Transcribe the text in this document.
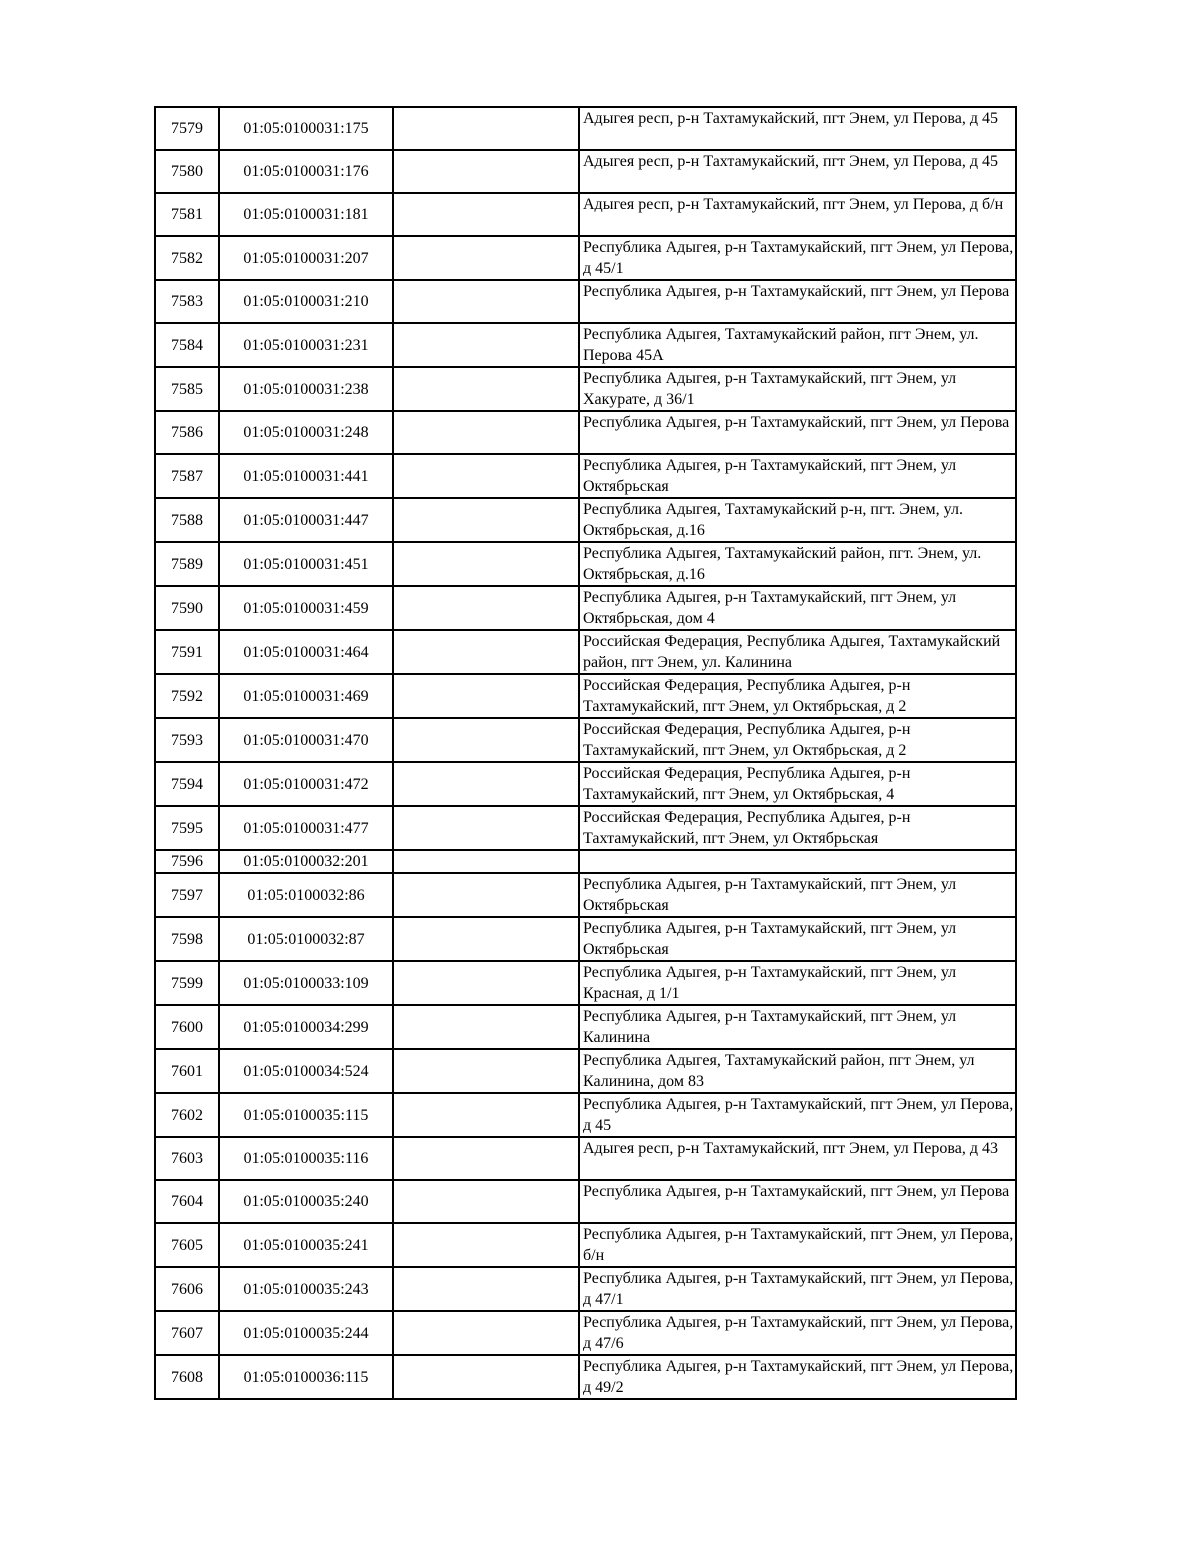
7579	01:05:0100031:175		Адыгея респ, р-н Тахтамукайский, пгт Энем, ул Перова, д 45
7580	01:05:0100031:176		Адыгея респ, р-н Тахтамукайский, пгт Энем, ул Перова, д 45
7581	01:05:0100031:181		Адыгея респ, р-н Тахтамукайский, пгт Энем, ул Перова, д б/н
7582	01:05:0100031:207		Республика Адыгея, р-н Тахтамукайский, пгт Энем, ул Перова, д 45/1
7583	01:05:0100031:210		Республика Адыгея, р-н Тахтамукайский, пгт Энем, ул Перова
7584	01:05:0100031:231		Республика Адыгея, Тахтамукайский район, пгт Энем, ул. Перова 45А
7585	01:05:0100031:238		Республика Адыгея, р-н Тахтамукайский, пгт Энем, ул Хакурате, д 36/1
7586	01:05:0100031:248		Республика Адыгея, р-н Тахтамукайский, пгт Энем, ул Перова
7587	01:05:0100031:441		Республика Адыгея, р-н Тахтамукайский, пгт Энем, ул Октябрьская
7588	01:05:0100031:447		Республика Адыгея, Тахтамукайский р-н, пгт. Энем, ул. Октябрьская, д.16
7589	01:05:0100031:451		Республика Адыгея, Тахтамукайский район, пгт. Энем, ул. Октябрьская, д.16
7590	01:05:0100031:459		Республика Адыгея, р-н Тахтамукайский, пгт Энем, ул Октябрьская, дом 4
7591	01:05:0100031:464		Российская Федерация, Республика Адыгея, Тахтамукайский район, пгт Энем, ул. Калинина
7592	01:05:0100031:469		Российская Федерация, Республика Адыгея, р-н Тахтамукайский, пгт Энем, ул Октябрьская, д 2
7593	01:05:0100031:470		Российская Федерация, Республика Адыгея, р-н Тахтамукайский, пгт Энем, ул Октябрьская, д 2
7594	01:05:0100031:472		Российская Федерация, Республика Адыгея, р-н Тахтамукайский, пгт Энем, ул Октябрьская, 4
7595	01:05:0100031:477		Российская Федерация, Республика Адыгея, р-н Тахтамукайский, пгт Энем, ул Октябрьская
7596	01:05:0100032:201		
7597	01:05:0100032:86		Республика Адыгея, р-н Тахтамукайский, пгт Энем, ул Октябрьская
7598	01:05:0100032:87		Республика Адыгея, р-н Тахтамукайский, пгт Энем, ул Октябрьская
7599	01:05:0100033:109		Республика Адыгея, р-н Тахтамукайский, пгт Энем, ул Красная, д 1/1
7600	01:05:0100034:299		Республика Адыгея, р-н Тахтамукайский, пгт Энем, ул Калинина
7601	01:05:0100034:524		Республика Адыгея, Тахтамукайский район, пгт Энем, ул Калинина, дом 83
7602	01:05:0100035:115		Республика Адыгея, р-н Тахтамукайский, пгт Энем, ул Перова, д 45
7603	01:05:0100035:116		Адыгея респ, р-н Тахтамукайский, пгт Энем, ул Перова, д 43
7604	01:05:0100035:240		Республика Адыгея, р-н Тахтамукайский, пгт Энем, ул Перова
7605	01:05:0100035:241		Республика Адыгея, р-н Тахтамукайский, пгт Энем, ул Перова, б/н
7606	01:05:0100035:243		Республика Адыгея, р-н Тахтамукайский, пгт Энем, ул Перова, д 47/1
7607	01:05:0100035:244		Республика Адыгея, р-н Тахтамукайский, пгт Энем, ул Перова, д 47/6
7608	01:05:0100036:115		Республика Адыгея, р-н Тахтамукайский, пгт Энем, ул Перова, д 49/2
